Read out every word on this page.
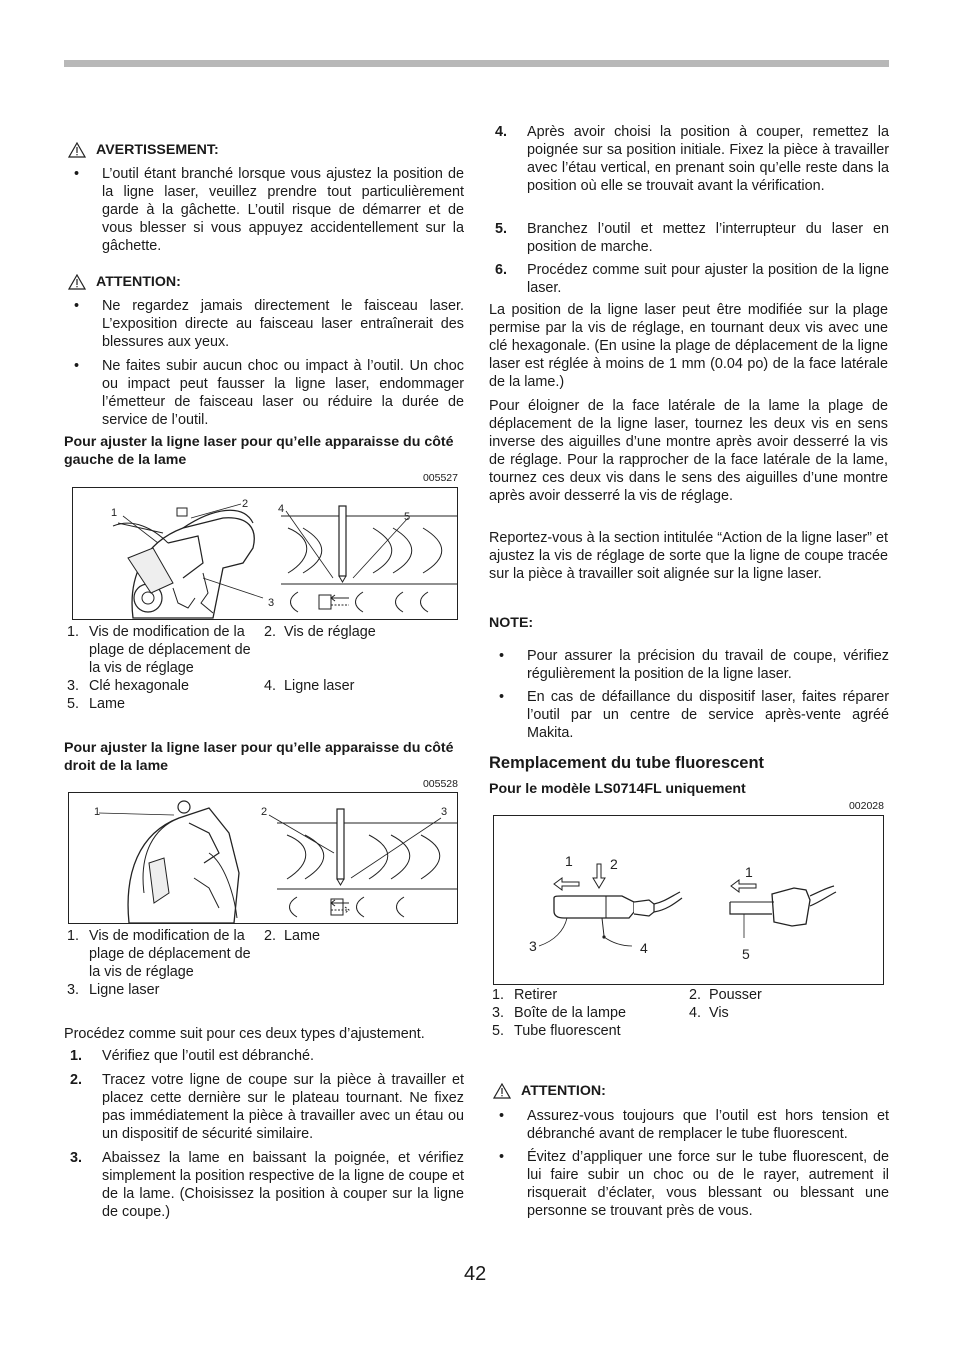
AVERTISSEMENT:
•	L’outil étant branché lorsque vous ajustez la position de la ligne laser, veuillez prendre tout particulièrement garde à la gâchette. L’outil risque de démarrer et de vous blesser si vous appuyez accidentellement sur la gâchette.
ATTENTION:
•	Ne regardez jamais directement le faisceau laser. L’exposition directe au faisceau laser entraînerait des blessures aux yeux.
•	Ne faites subir aucun choc ou impact à l’outil. Un choc ou impact peut fausser la ligne laser, endommager l’émetteur de faisceau laser ou réduire la durée de service de l’outil.
Pour ajuster la ligne laser pour qu’elle apparaisse du côté gauche de la lame
005527
1
2
3
4
5
1. Vis de modification de la plage de déplacement de la vis de réglage
2. Vis de réglage
3. Clé hexagonale	4. Ligne laser
5. Lame
Pour ajuster la ligne laser pour qu’elle apparaisse du côté droit de la lame
005528
1	2	3
1. Vis de modification de la plage de déplacement de la vis de réglage
2. Lame
3. Ligne laser
Procédez comme suit pour ces deux types d’ajustement.
1.	Vérifiez que l’outil est débranché.
2.	Tracez votre ligne de coupe sur la pièce à travailler et placez cette dernière sur le plateau tournant. Ne fixez pas immédiatement la pièce à travailler avec un étau ou un dispositif de sécurité similaire.
3.	Abaissez la lame en baissant la poignée, et vérifiez simplement la position respective de la ligne de coupe et de la lame. (Choisissez la position à couper sur la ligne de coupe.)
4.	Après avoir choisi la position à couper, remettez la poignée sur sa position initiale. Fixez la pièce à travailler avec l’étau vertical, en prenant soin qu’elle reste dans la position où elle se trouvait avant la vérification.
5.	Branchez l’outil et mettez l’interrupteur du laser en position de marche.
6.	Procédez comme suit pour ajuster la position de la ligne laser.

La position de la ligne laser peut être modifiée sur la plage permise par la vis de réglage, en tournant deux vis avec une clé hexagonale. (En usine la plage de déplacement de la ligne laser est réglée à moins de 1 mm (0.04 po) de la face latérale de la lame.)

Pour éloigner de la face latérale de la lame la plage de déplacement de la ligne laser, tournez les deux vis en sens inverse des aiguilles d’une montre après avoir desserré la vis de réglage. Pour la rapprocher de la face latérale de la lame, tournez ces deux vis dans le sens des aiguilles d’une montre après avoir desserré la vis de réglage.

Reportez-vous à la section intitulée “Action de la ligne laser” et ajustez la vis de réglage de sorte que la ligne de coupe tracée sur la pièce à travailler soit alignée sur la ligne laser.

NOTE:
•	Pour assurer la précision du travail de coupe, vérifiez régulièrement la position de la ligne laser.
•	En cas de défaillance du dispositif laser, faites réparer l’outil par un centre de service après-vente agréé Makita.
Remplacement du tube fluorescent
Pour le modèle LS0714FL uniquement
002028
1	2
3	4
1
5
1. Retirer	2. Pousser
3. Boîte de la lampe	4. Vis
5. Tube fluorescent
ATTENTION:
•	Assurez-vous toujours que l’outil est hors tension et débranché avant de remplacer le tube fluorescent.
•	Évitez d’appliquer une force sur le tube fluorescent, de lui faire subir un choc ou de le rayer, autrement il risquerait d’éclater, vous blessant ou blessant une personne se trouvant près de vous.
42
